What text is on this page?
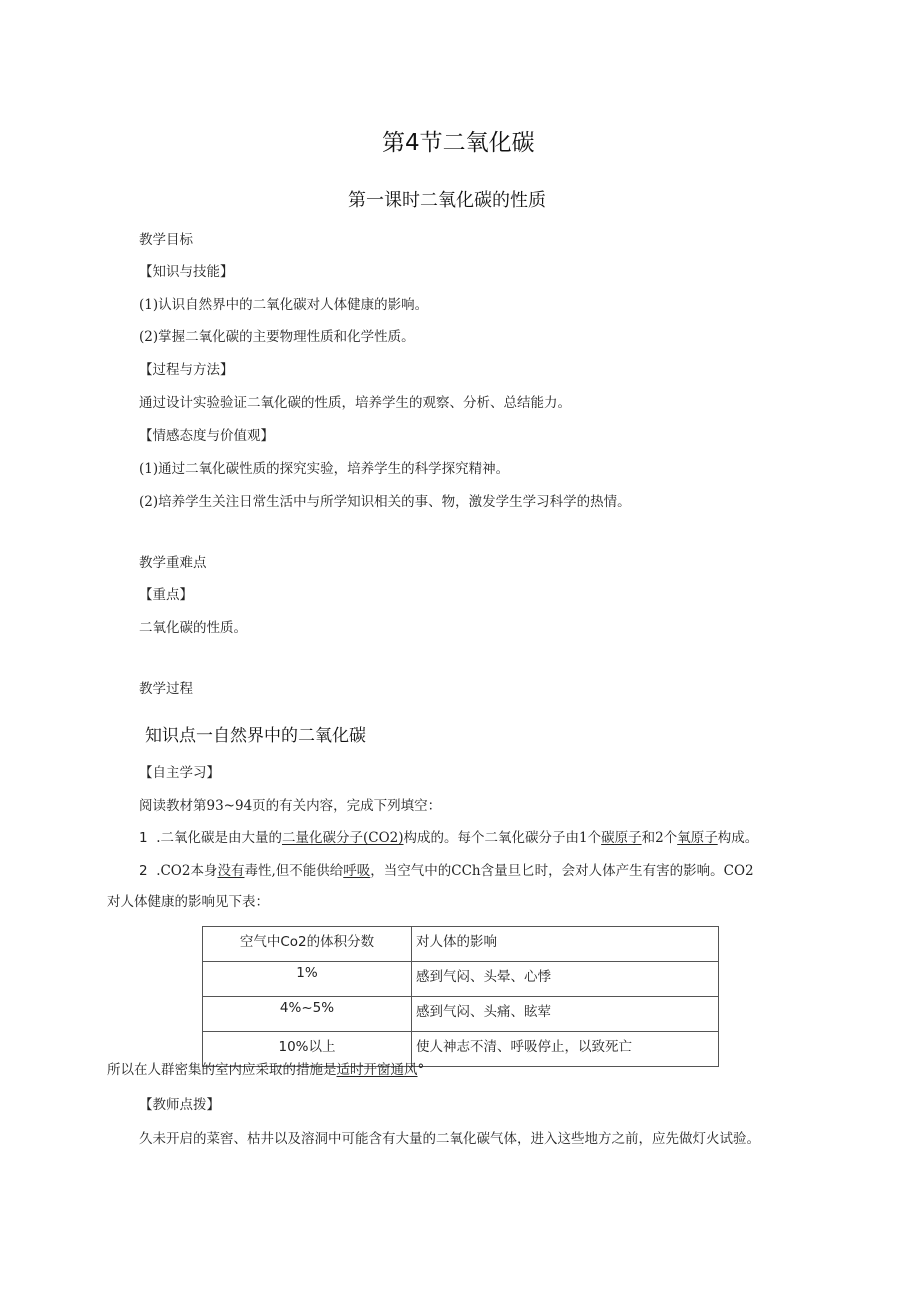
第4节二氧化碳
第一课时二氧化碳的性质
教学目标
【知识与技能】
(1)认识自然界中的二氧化碳对人体健康的影响。
(2)掌握二氧化碳的主要物理性质和化学性质。
【过程与方法】
通过设计实验验证二氧化碳的性质，培养学生的观察、分析、总结能力。
【情感态度与价值观】
(1)通过二氧化碳性质的探究实验，培养学生的科学探究精神。
(2)培养学生关注日常生活中与所学知识相关的事、物，激发学生学习科学的热情。
教学重难点
【重点】
二氧化碳的性质。
教学过程
知识点一自然界中的二氧化碳
【自主学习】
阅读教材第93~94页的有关内容，完成下列填空：
1 .二氧化碳是由大量的二量化碳分子(CO2)构成的。每个二氧化碳分子由1个碳原子和2个氧原子构成。
2 .CO2本身没有毒性,但不能供给呼吸，当空气中的CCh含量旦匕时，会对人体产生有害的影响。CO2
对人体健康的影响见下表：
空气中Co2的体积分数	对人体的影响
1%	感到气闷、头晕、心悸
4%~5%	感到气闷、头痛、眩荤
10%以上	使人神志不清、呼吸停止，以致死亡
所以在人群密集的室内应采取的措施是适时开窗通风°
【教师点拨】
久未开启的菜窖、枯井以及溶洞中可能含有大量的二氧化碳气体，进入这些地方之前，应先做灯火试验。
